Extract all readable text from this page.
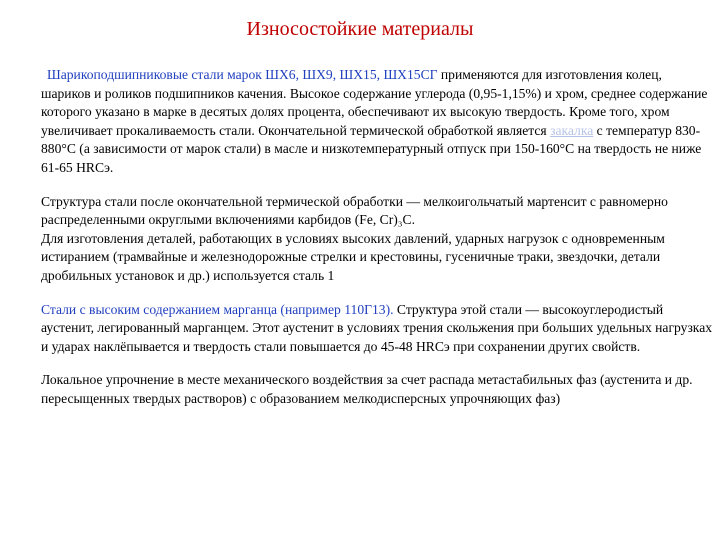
Износостойкие материалы

Шарикоподшипниковые стали марок ШХ6, ШХ9, ШХ15, ШХ15СГ применяются для изготовления колец, шариков и роликов подшипников качения. Высокое содержание углерода (0,95-1,15%) и хром, среднее содержание которого указано в марке в десятых долях процента, обеспечивают их высокую твердость. Кроме того, хром увеличивает прокаливаемость стали. Окончательной термической обработкой является закалка с температур 830-880°С (а зависимости от марок стали) в масле и низкотемпературный отпуск при 150-160°С на твердость не ниже 61-65 HRCэ.

Структура стали после окончательной термической обработки — мелкоигольчатый мартенсит с равномерно распределенными округлыми включениями карбидов (Fe, Cr)₃С.

Для изготовления деталей, работающих в условиях высоких давлений, ударных нагрузок с одновременным истиранием (трамвайные и железнодорожные стрелки и крестовины, гусеничные траки, звездочки, детали дробильных установок и др.) используется сталь 1

Стали с высоким содержанием марганца (например 110Г13). Структура этой стали — высокоуглеродистый аустенит, легированный марганцем. Этот аустенит в условиях трения скольжения при больших удельных нагрузках и ударах наклёпывается и твердость стали повышается до 45-48 HRCэ при сохранении других свойств.

Локальное упрочнение в месте механического воздействия за счет распада метастабильных фаз (аустенита и др. пересыщенных твердых растворов) с образованием мелкодисперсных упрочняющих фаз)
